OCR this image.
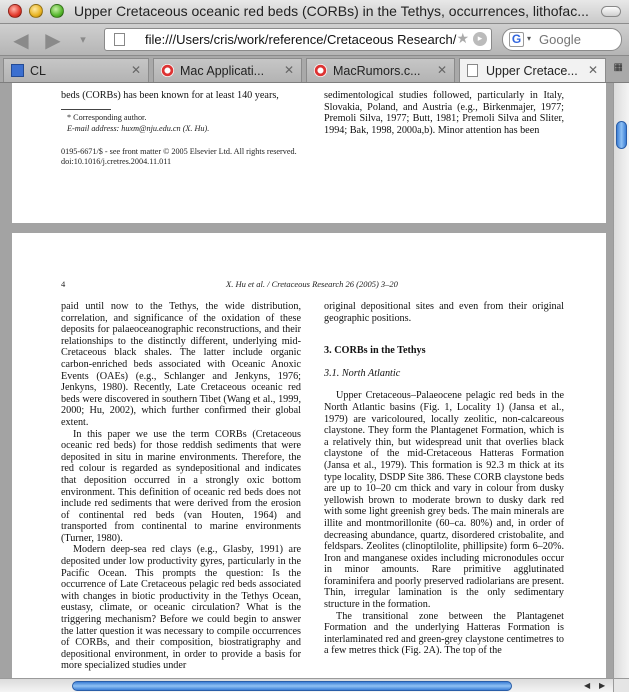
Upper Cretaceous oceanic red beds (CORBs) in the Tethys, occurrences, lithofac...
◀ ▶	▾	file:///Users/cris/work/reference/Cretaceous Research/ ★ ▸	G ▾
Google
CL	✕	Mac Applicati... ✕	MacRumors.c... ✕	Upper Cretace... ✕ ▦
beds (CORBs) has been known for at least 140 years,
* Corresponding author.
E-mail address: huxm@nju.edu.cn (X. Hu).
0195-6671/$ - see front matter © 2005 Elsevier Ltd. All rights reserved.
doi:10.1016/j.cretres.2004.11.011
sedimentological studies followed, particularly in Italy, Slovakia, Poland, and Austria (e.g., Birkenmajer, 1977; Premoli Silva, 1977; Butt, 1981; Premoli Silva and Sliter, 1994; Bak, 1998, 2000a,b). Minor attention has been
4	X. Hu et al. / Cretaceous Research 26 (2005) 3–20

paid until now to the Tethys, the wide distribution, correlation, and significance of the oxidation of these deposits for palaeoceanographic reconstructions, and their relationships to the distinctly different, underlying mid-Cretaceous black shales. The latter include organic carbon-enriched beds associated with Oceanic Anoxic Events (OAEs) (e.g., Schlanger and Jenkyns, 1976; Jenkyns, 1980). Recently, Late Cretaceous oceanic red beds were discovered in southern Tibet (Wang et al., 1999, 2000; Hu, 2002), which further confirmed their global extent.

In this paper we use the term CORBs (Cretaceous oceanic red beds) for those reddish sediments that were deposited in situ in marine environments. Therefore, the red colour is regarded as syndepositional and indicates that deposition occurred in a strongly oxic bottom environment. This definition of oceanic red beds does not include red sediments that were derived from the erosion of continental red beds (van Houten, 1964) and transported from continental to marine environments (Turner, 1980).

Modern deep-sea red clays (e.g., Glasby, 1991) are deposited under low productivity gyres, particularly in the Pacific Ocean. This prompts the question: Is the occurrence of Late Cretaceous pelagic red beds associated with changes in biotic productivity in the Tethys Ocean, eustasy, climate, or oceanic circulation? What is the triggering mechanism? Before we could begin to answer the latter question it was necessary to compile occurrences of CORBs, and their composition, biostratigraphy and depositional environment, in order to provide a basis for more specialized studies under

original depositional sites and even from their original geographic positions.

3. CORBs in the Tethys

3.1. North Atlantic

Upper Cretaceous–Palaeocene pelagic red beds in the North Atlantic basins (Fig. 1, Locality 1) (Jansa et al., 1979) are varicoloured, locally zeolitic, non-calcareous claystone. They form the Plantagenet Formation, which is a relatively thin, but widespread unit that overlies black claystone of the mid-Cretaceous Hatteras Formation (Jansa et al., 1979). This formation is 92.3 m thick at its type locality, DSDP Site 386. These CORB claystone beds are up to 10–20 cm thick and vary in colour from dusky yellowish brown to moderate brown to dusky dark red with some light greenish grey beds. The main minerals are illite and montmorillonite (60–ca. 80%) and, in order of decreasing abundance, quartz, disordered cristobalite, and feldspars. Zeolites (clinoptilolite, phillipsite) form 6–20%. Iron and manganese oxides including micronodules occur in minor amounts. Rare primitive agglutinated foraminifera and poorly preserved radiolarians are present. Thin, irregular lamination is the only sedimentary structure in the formation.

The transitional zone between the Plantagenet Formation and the underlying Hatteras Formation is interlaminated red and green-grey claystone centimetres to a few metres thick (Fig. 2A). The top of the

◀ ▶
